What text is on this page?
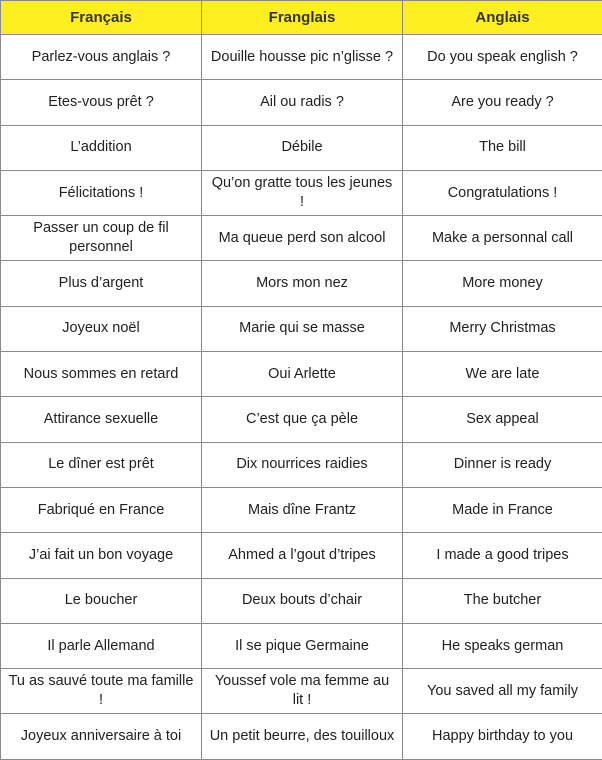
Français	Franglais	Anglais
Parlez-vous anglais ?	Douille housse pic n’glisse ?	Do you speak english ?
Etes-vous prêt ?	Ail ou radis ?	Are you ready ?
L’addition	Débile	The bill
Félicitations !	Qu’on gratte tous les jeunes !	Congratulations !
Passer un coup de fil personnel	Ma queue perd son alcool	Make a personnal call
Plus d’argent	Mors mon nez	More money
Joyeux noël	Marie qui se masse	Merry Christmas
Nous sommes en retard	Oui Arlette	We are late
Attirance sexuelle	C’est que ça pèle	Sex appeal
Le dîner est prêt	Dix nourrices raidies	Dinner is ready
Fabriqué en France	Mais dîne Frantz	Made in France
J’ai fait un bon voyage	Ahmed a l’gout d’tripes	I made a good tripes
Le boucher	Deux bouts d’chair	The butcher
Il parle Allemand	Il se pique Germaine	He speaks german
Tu as sauvé toute ma famille !	Youssef vole ma femme au lit !	You saved all my family
Joyeux anniversaire à toi	Un petit beurre, des touilloux	Happy birthday to you
